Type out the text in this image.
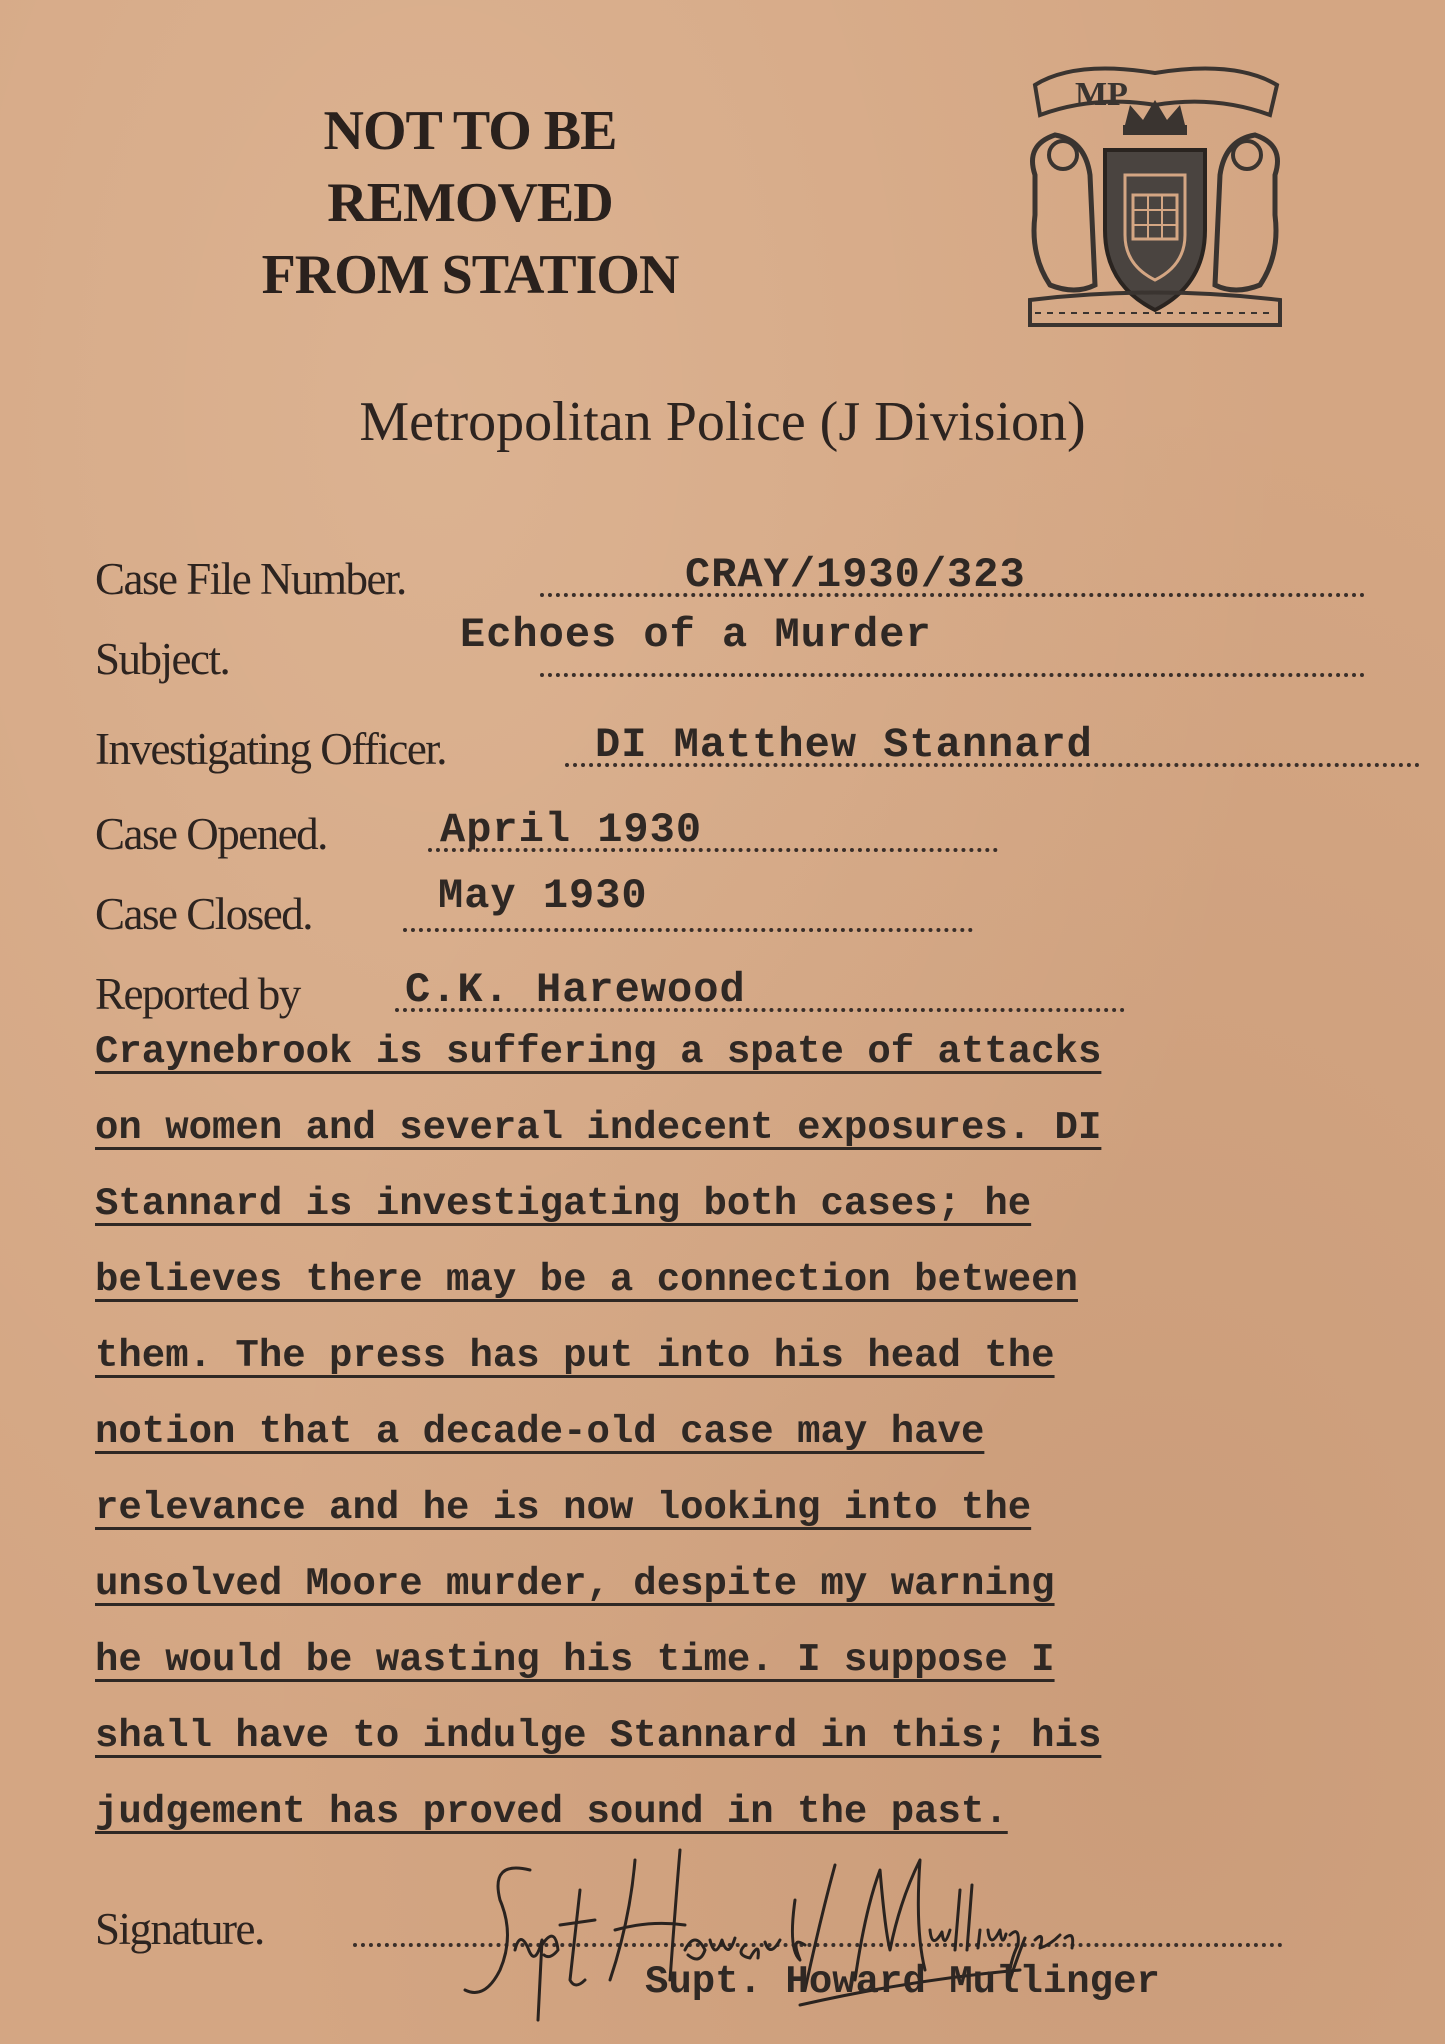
NOT TO BE
REMOVED
FROM STATION
MP
Metropolitan Police (J Division)
Case File Number.	CRAY/1930/323
Subject.	Echoes of a Murder
Investigating Officer.	DI Matthew Stannard
Case Opened.	April 1930
Case Closed.	May 1930
Reported by	C.K. Harewood
Craynebrook is suffering a spate of attacks
on women and several indecent exposures. DI
Stannard is investigating both cases; he
believes there may be a connection between
them. The press has put into his head the
notion that a decade-old case may have
relevance and he is now looking into the
unsolved Moore murder, despite my warning
he would be wasting his time. I suppose I
shall have to indulge Stannard in this; his
judgement has proved sound in the past.
Signature.
Supt. Howard Mullinger
